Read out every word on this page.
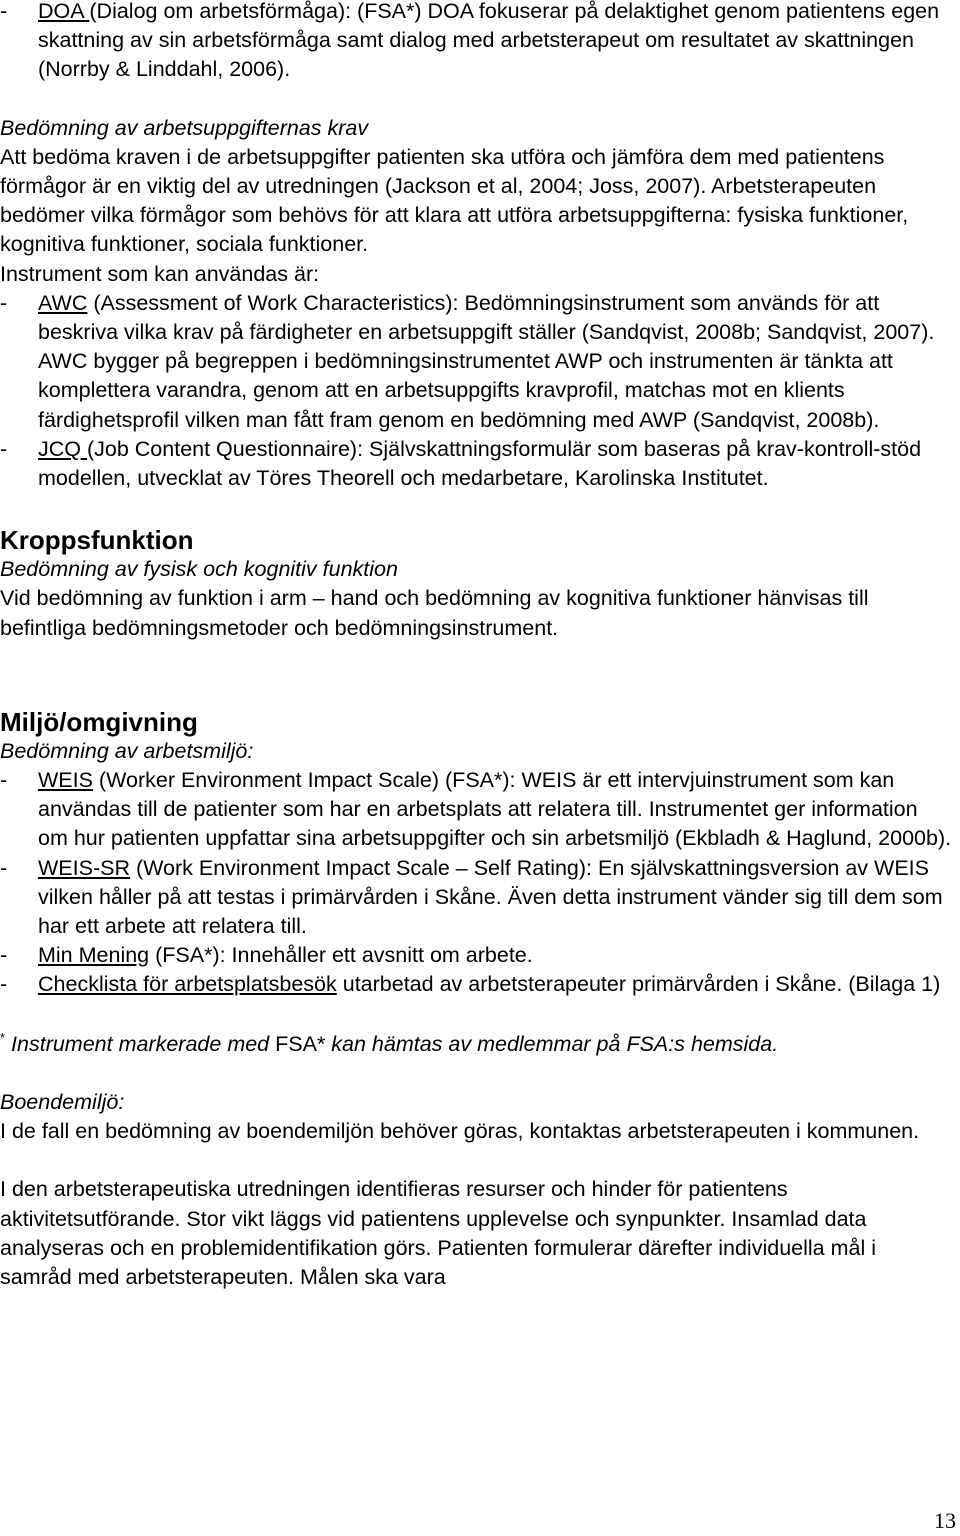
- DOA (Dialog om arbetsförmåga): (FSA*) DOA fokuserar på delaktighet genom patientens egen skattning av sin arbetsförmåga samt dialog med arbetsterapeut om resultatet av skattningen (Norrby & Linddahl, 2006).

Bedömning av arbetsuppgifternas krav

Att bedöma kraven i de arbetsuppgifter patienten ska utföra och jämföra dem med patientens förmågor är en viktig del av utredningen (Jackson et al, 2004; Joss, 2007). Arbetsterapeuten bedömer vilka förmågor som behövs för att klara att utföra arbetsuppgifterna: fysiska funktioner, kognitiva funktioner, sociala funktioner.

Instrument som kan användas är:

- AWC (Assessment of Work Characteristics): Bedömningsinstrument som används för att beskriva vilka krav på färdigheter en arbetsuppgift ställer (Sandqvist, 2008b; Sandqvist, 2007). AWC bygger på begreppen i bedömningsinstrumentet AWP och instrumenten är tänkta att komplettera varandra, genom att en arbetsuppgifts kravprofil, matchas mot en klients färdighetsprofil vilken man fått fram genom en bedömning med AWP (Sandqvist, 2008b).
- JCQ (Job Content Questionnaire): Självskattningsformulär som baseras på krav-kontroll-stöd modellen, utvecklat av Töres Theorell och medarbetare, Karolinska Institutet.
Kroppsfunktion

Bedömning av fysisk och kognitiv funktion

Vid bedömning av funktion i arm – hand och bedömning av kognitiva funktioner hänvisas till befintliga bedömningsmetoder och bedömningsinstrument.

Miljö/omgivning

Bedömning av arbetsmiljö:

- WEIS (Worker Environment Impact Scale) (FSA*): WEIS är ett intervjuinstrument som kan användas till de patienter som har en arbetsplats att relatera till. Instrumentet ger information om hur patienten uppfattar sina arbetsuppgifter och sin arbetsmiljö (Ekbladh & Haglund, 2000b).
- WEIS-SR (Work Environment Impact Scale – Self Rating): En självskattningsversion av WEIS vilken håller på att testas i primärvården i Skåne. Även detta instrument vänder sig till dem som har ett arbete att relatera till.
- Min Mening (FSA*): Innehåller ett avsnitt om arbete.
- Checklista för arbetsplatsbesök utarbetad av arbetsterapeuter primärvården i Skåne. (Bilaga 1)

* Instrument markerade med FSA* kan hämtas av medlemmar på FSA:s hemsida.

Boendemiljö:

I de fall en bedömning av boendemiljön behöver göras, kontaktas arbetsterapeuten i kommunen.

I den arbetsterapeutiska utredningen identifieras resurser och hinder för patientens aktivitetsutförande. Stor vikt läggs vid patientens upplevelse och synpunkter. Insamlad data analyseras och en problemidentifikation görs. Patienten formulerar därefter individuella mål i samråd med arbetsterapeuten. Målen ska vara

13
